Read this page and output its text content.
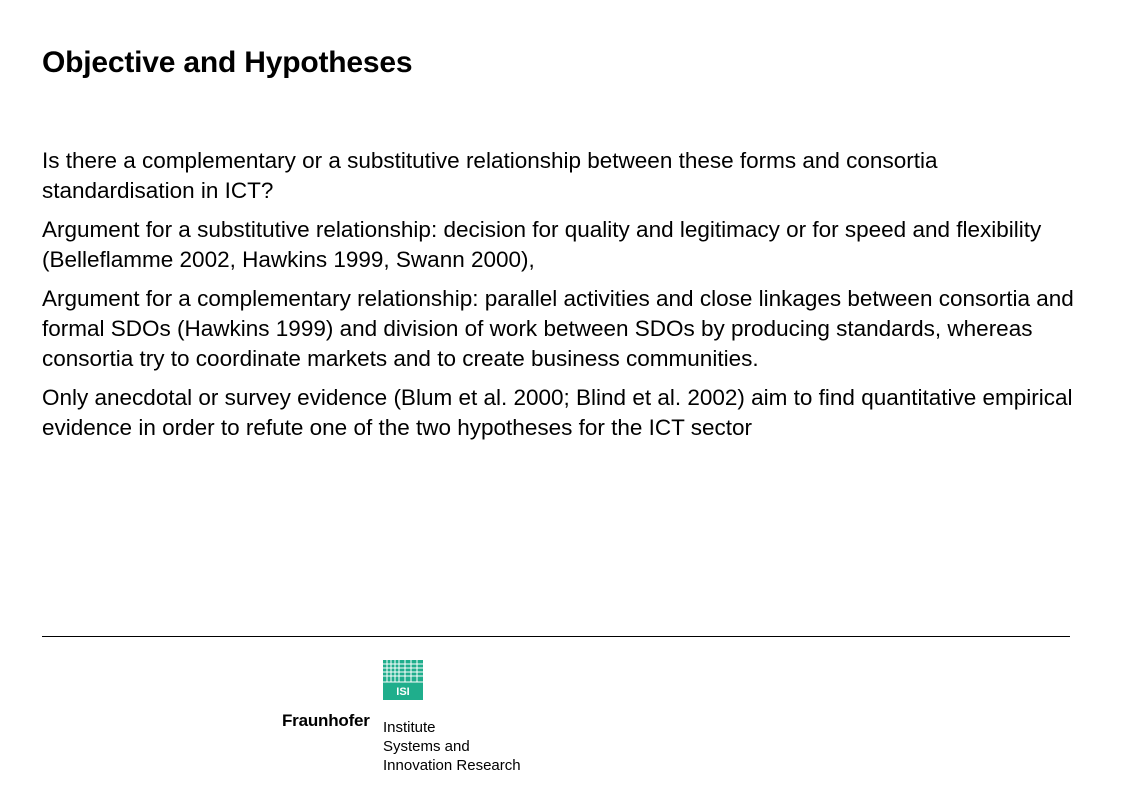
Objective and Hypotheses

Is there a complementary or a substitutive relationship between these forms and consortia standardisation in ICT?

Argument for a substitutive relationship: decision for quality and legitimacy or for speed and flexibility (Belleflamme 2002, Hawkins 1999, Swann 2000),

Argument for a complementary relationship: parallel activities and close linkages between consortia and formal SDOs (Hawkins 1999) and division of work between SDOs by producing standards, whereas consortia try to coordinate markets and to create business communities.

Only anecdotal or survey evidence (Blum et al. 2000; Blind et al. 2002) aim to find quantitative empirical evidence in order to refute one of the two hypotheses for the ICT sector

ISI
Fraunhofer Institute
Systems and
Innovation Research
